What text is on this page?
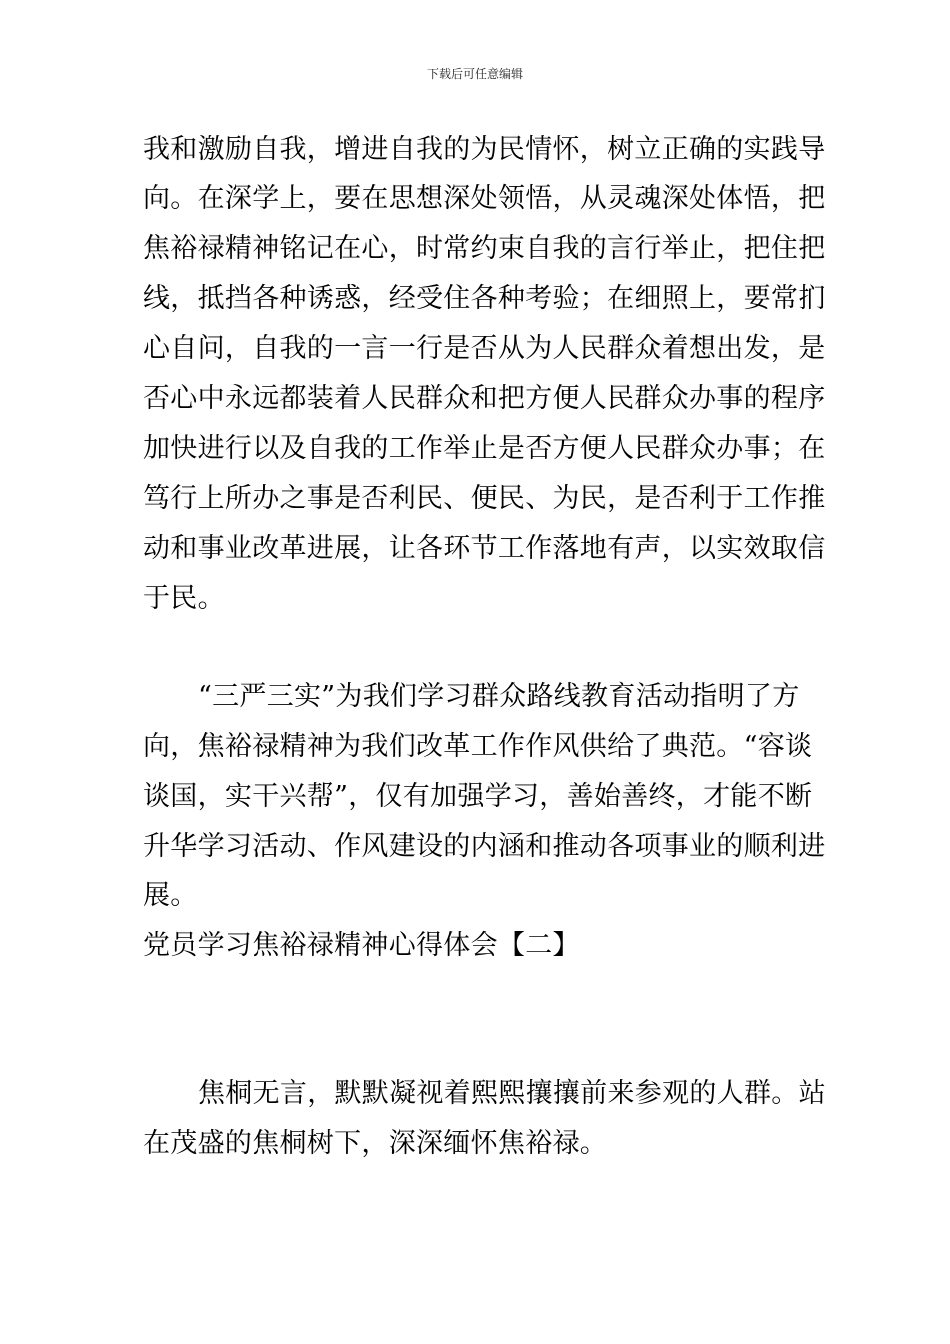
下载后可任意编辑
我和激励自我，增进自我的为民情怀，树立正确的实践导
向。在深学上，要在思想深处领悟，从灵魂深处体悟，把
焦裕禄精神铭记在心，时常约束自我的言行举止，把住把
线，抵挡各种诱惑，经受住各种考验；在细照上，要常扪
心自问，自我的一言一行是否从为人民群众着想出发，是
否心中永远都装着人民群众和把方便人民群众办事的程序
加快进行以及自我的工作举止是否方便人民群众办事；在
笃行上所办之事是否利民、便民、为民，是否利于工作推
动和事业改革进展，让各环节工作落地有声，以实效取信
于民。
“三严三实”为我们学习群众路线教育活动指明了方
向，焦裕禄精神为我们改革工作作风供给了典范。“容谈
谈国，实干兴帮”，仅有加强学习，善始善终，才能不断
升华学习活动、作风建设的内涵和推动各项事业的顺利进
展。
党员学习焦裕禄精神心得体会【二】
焦桐无言，默默凝视着熙熙攘攘前来参观的人群。站
在茂盛的焦桐树下，深深缅怀焦裕禄。
